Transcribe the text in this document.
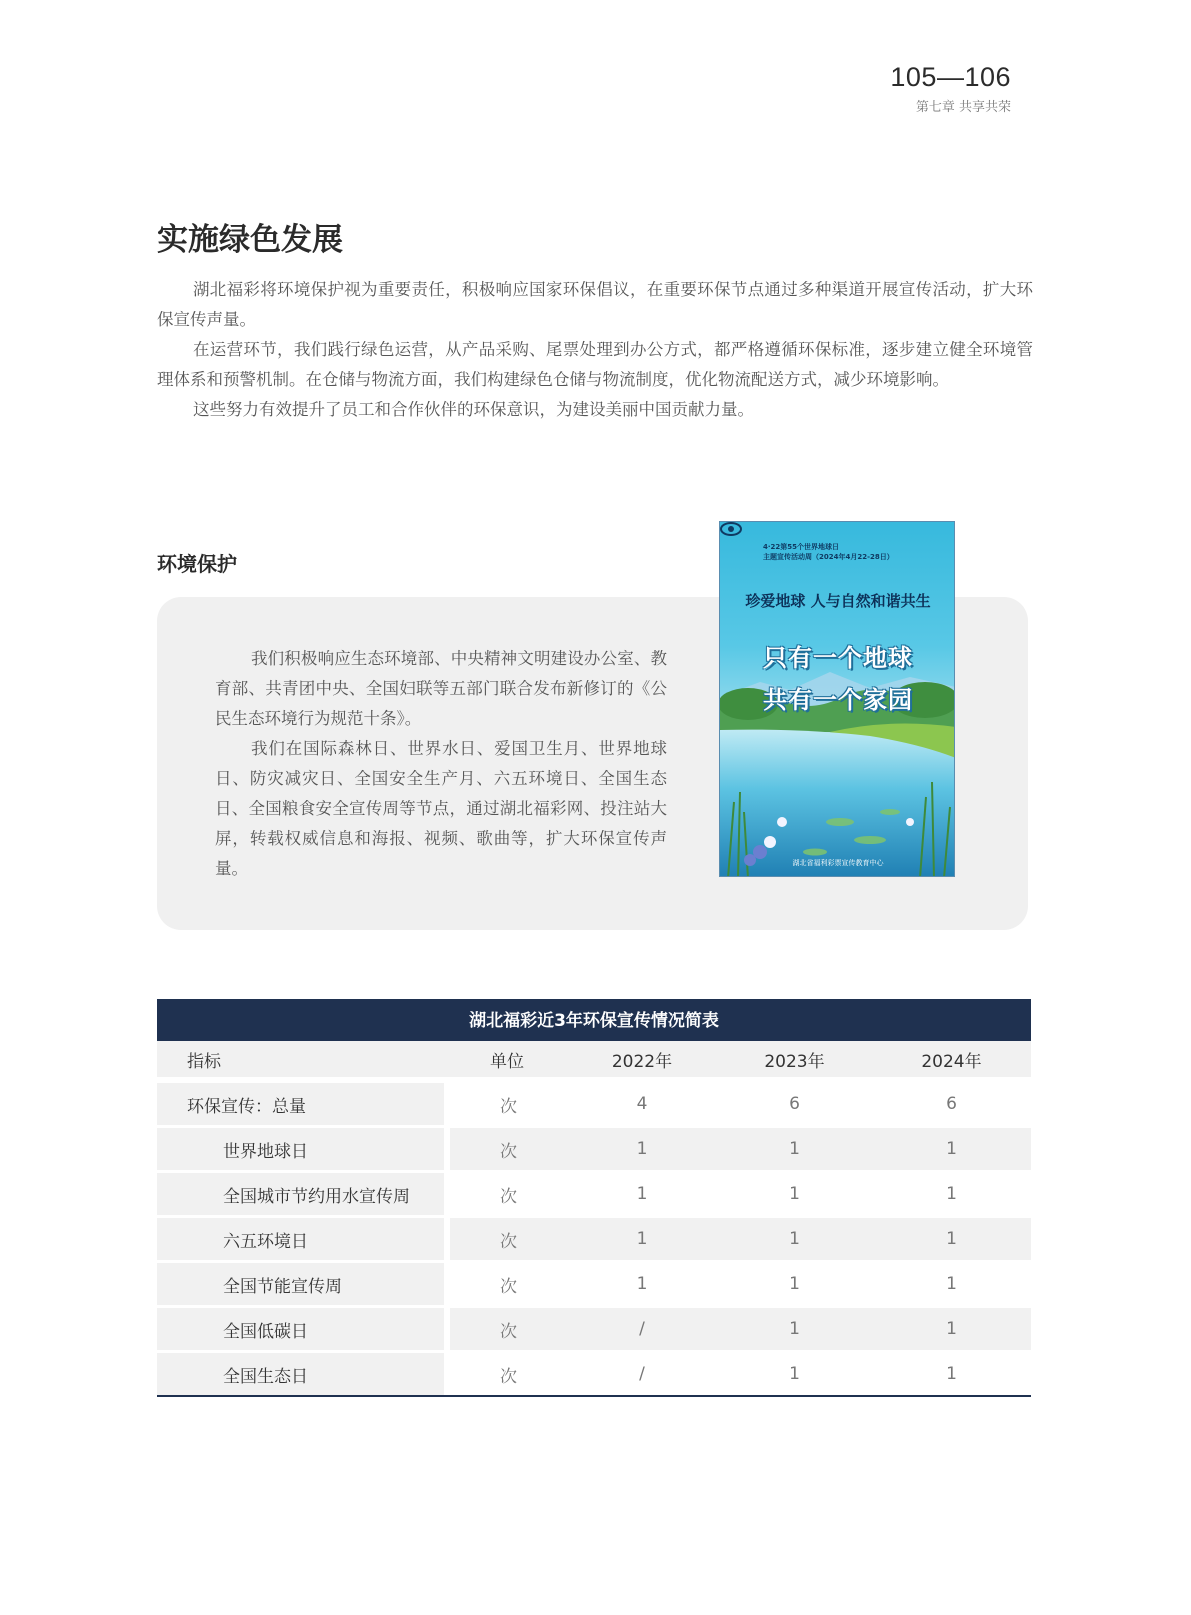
105—106
第七章 共享共荣
实施绿色发展

湖北福彩将环境保护视为重要责任，积极响应国家环保倡议，在重要环保节点通过多种渠道开展宣传活动，扩大环保宣传声量。

在运营环节，我们践行绿色运营，从产品采购、尾票处理到办公方式，都严格遵循环保标准，逐步建立健全环境管理体系和预警机制。在仓储与物流方面，我们构建绿色仓储与物流制度，优化物流配送方式，减少环境影响。

这些努力有效提升了员工和合作伙伴的环保意识，为建设美丽中国贡献力量。

环境保护

我们积极响应生态环境部、中央精神文明建设办公室、教育部、共青团中央、全国妇联等五部门联合发布新修订的《公民生态环境行为规范十条》。

我们在国际森林日、世界水日、爱国卫生月、世界地球日、防灾减灾日、全国安全生产月、六五环境日、全国生态日、全国粮食安全宣传周等节点，通过湖北福彩网、投注站大屏，转载权威信息和海报、视频、歌曲等，扩大环保宣传声量。

4·22第55个世界地球日
主题宣传活动周（2024年4月22-28日）
珍爱地球 人与自然和谐共生
只有一个地球
共有一个家园
湖北省福利彩票宣传教育中心
湖北福彩近3年环保宣传情况简表
指标	单位	2022年	2023年	2024年
环保宣传：总量	次	4	6	6
世界地球日	次	1	1	1
全国城市节约用水宣传周	次	1	1	1
六五环境日	次	1	1	1
全国节能宣传周	次	1	1	1
全国低碳日	次	/	1	1
全国生态日	次	/	1	1
